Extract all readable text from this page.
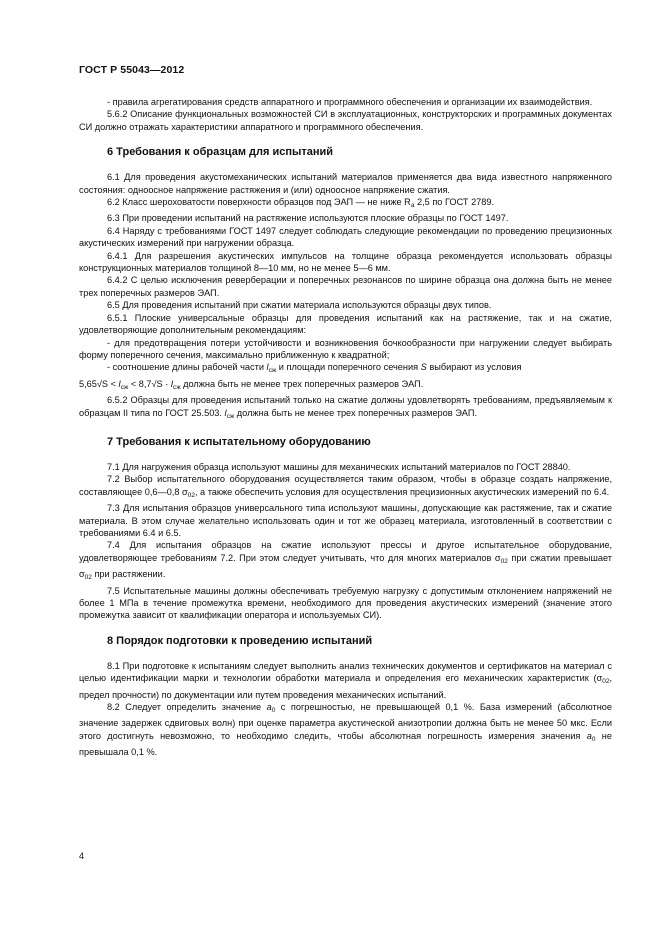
ГОСТ Р 55043—2012

- правила агрегатирования средств аппаратного и программного обеспечения и организации их взаимодействия.

5.6.2 Описание функциональных возможностей СИ в эксплуатационных, конструкторских и программных документах СИ должно отражать характеристики аппаратного и программного обеспечения.

6 Требования к образцам для испытаний

6.1 Для проведения акустомеханических испытаний материалов применяется два вида известного напряженного состояния: одноосное напряжение растяжения и (или) одноосное напряжение сжатия.

6.2 Класс шероховатости поверхности образцов под ЭАП — не ниже $R_a$ 2,5 по ГОСТ 2789.

6.3 При проведении испытаний на растяжение используются плоские образцы по ГОСТ 1497.

6.4 Наряду с требованиями ГОСТ 1497 следует соблюдать следующие рекомендации по проведению прецизионных акустических измерений при нагружении образца.

6.4.1 Для разрешения акустических импульсов на толщине образца рекомендуется использовать образцы конструкционных материалов толщиной 8—10 мм, но не менее 5—6 мм.

6.4.2 С целью исключения реверберации и поперечных резонансов по ширине образца она должна быть не менее трех поперечных размеров ЭАП.

6.5 Для проведения испытаний при сжатии материала используются образцы двух типов.

6.5.1 Плоские универсальные образцы для проведения испытаний как на растяжение, так и на сжатие, удовлетворяющие дополнительным рекомендациям:

- для предотвращения потери устойчивости и возникновения бочкообразности при нагружении следует выбирать форму поперечного сечения, максимально приближенную к квадратной;

- соотношение длины рабочей части $l_{сж}$ и площади поперечного сечения S выбирают из условия

$5,65√S < l_{сж} < 8,7√S \cdot l_{сж}$ должна быть не менее трех поперечных размеров ЭАП.

6.5.2 Образцы для проведения испытаний только на сжатие должны удовлетворять требованиям, предъявляемым к образцам II типа по ГОСТ 25.503. $l_{сж}$ должна быть не менее трех поперечных размеров ЭАП.

7 Требования к испытательному оборудованию

7.1 Для нагружения образца используют машины для механических испытаний материалов по ГОСТ 28840.

7.2 Выбор испытательного оборудования осуществляется таким образом, чтобы в образце создать напряжение, составляющее 0,6—0,8 $\sigma_{02}$, а также обеспечить условия для осуществления прецизионных акустических измерений по 6.4.

7.3 Для испытания образцов универсального типа используют машины, допускающие как растяжение, так и сжатие материала. В этом случае желательно использовать один и тот же образец материала, изготовленный в соответствии с требованиями 6.4 и 6.5.

7.4 Для испытания образцов на сжатие используют прессы и другое испытательное оборудование, удовлетворяющее требованиям 7.2. При этом следует учитывать, что для многих материалов $\sigma_{02}$ при сжатии превышает $\sigma_{02}$ при растяжении.

7.5 Испытательные машины должны обеспечивать требуемую нагрузку с допустимым отклонением напряжений не более 1 МПа в течение промежутка времени, необходимого для проведения акустических измерений (значение этого промежутка зависит от квалификации оператора и используемых СИ).

8 Порядок подготовки к проведению испытаний

8.1 При подготовке к испытаниям следует выполнить анализ технических документов и сертификатов на материал с целью идентификации марки и технологии обработки материала и определения его механических характеристик ($\sigma_{02}$, предел прочности) по документации или путем проведения механических испытаний.

8.2 Следует определить значение $a_0$ с погрешностью, не превышающей 0,1 %. База измерений (абсолютное значение задержек сдвиговых волн) при оценке параметра акустической анизотропии должна быть не менее 50 мкс. Если этого достигнуть невозможно, то необходимо следить, чтобы абсолютная погрешность измерения значения $a_0$ не превышала 0,1 %.

4
